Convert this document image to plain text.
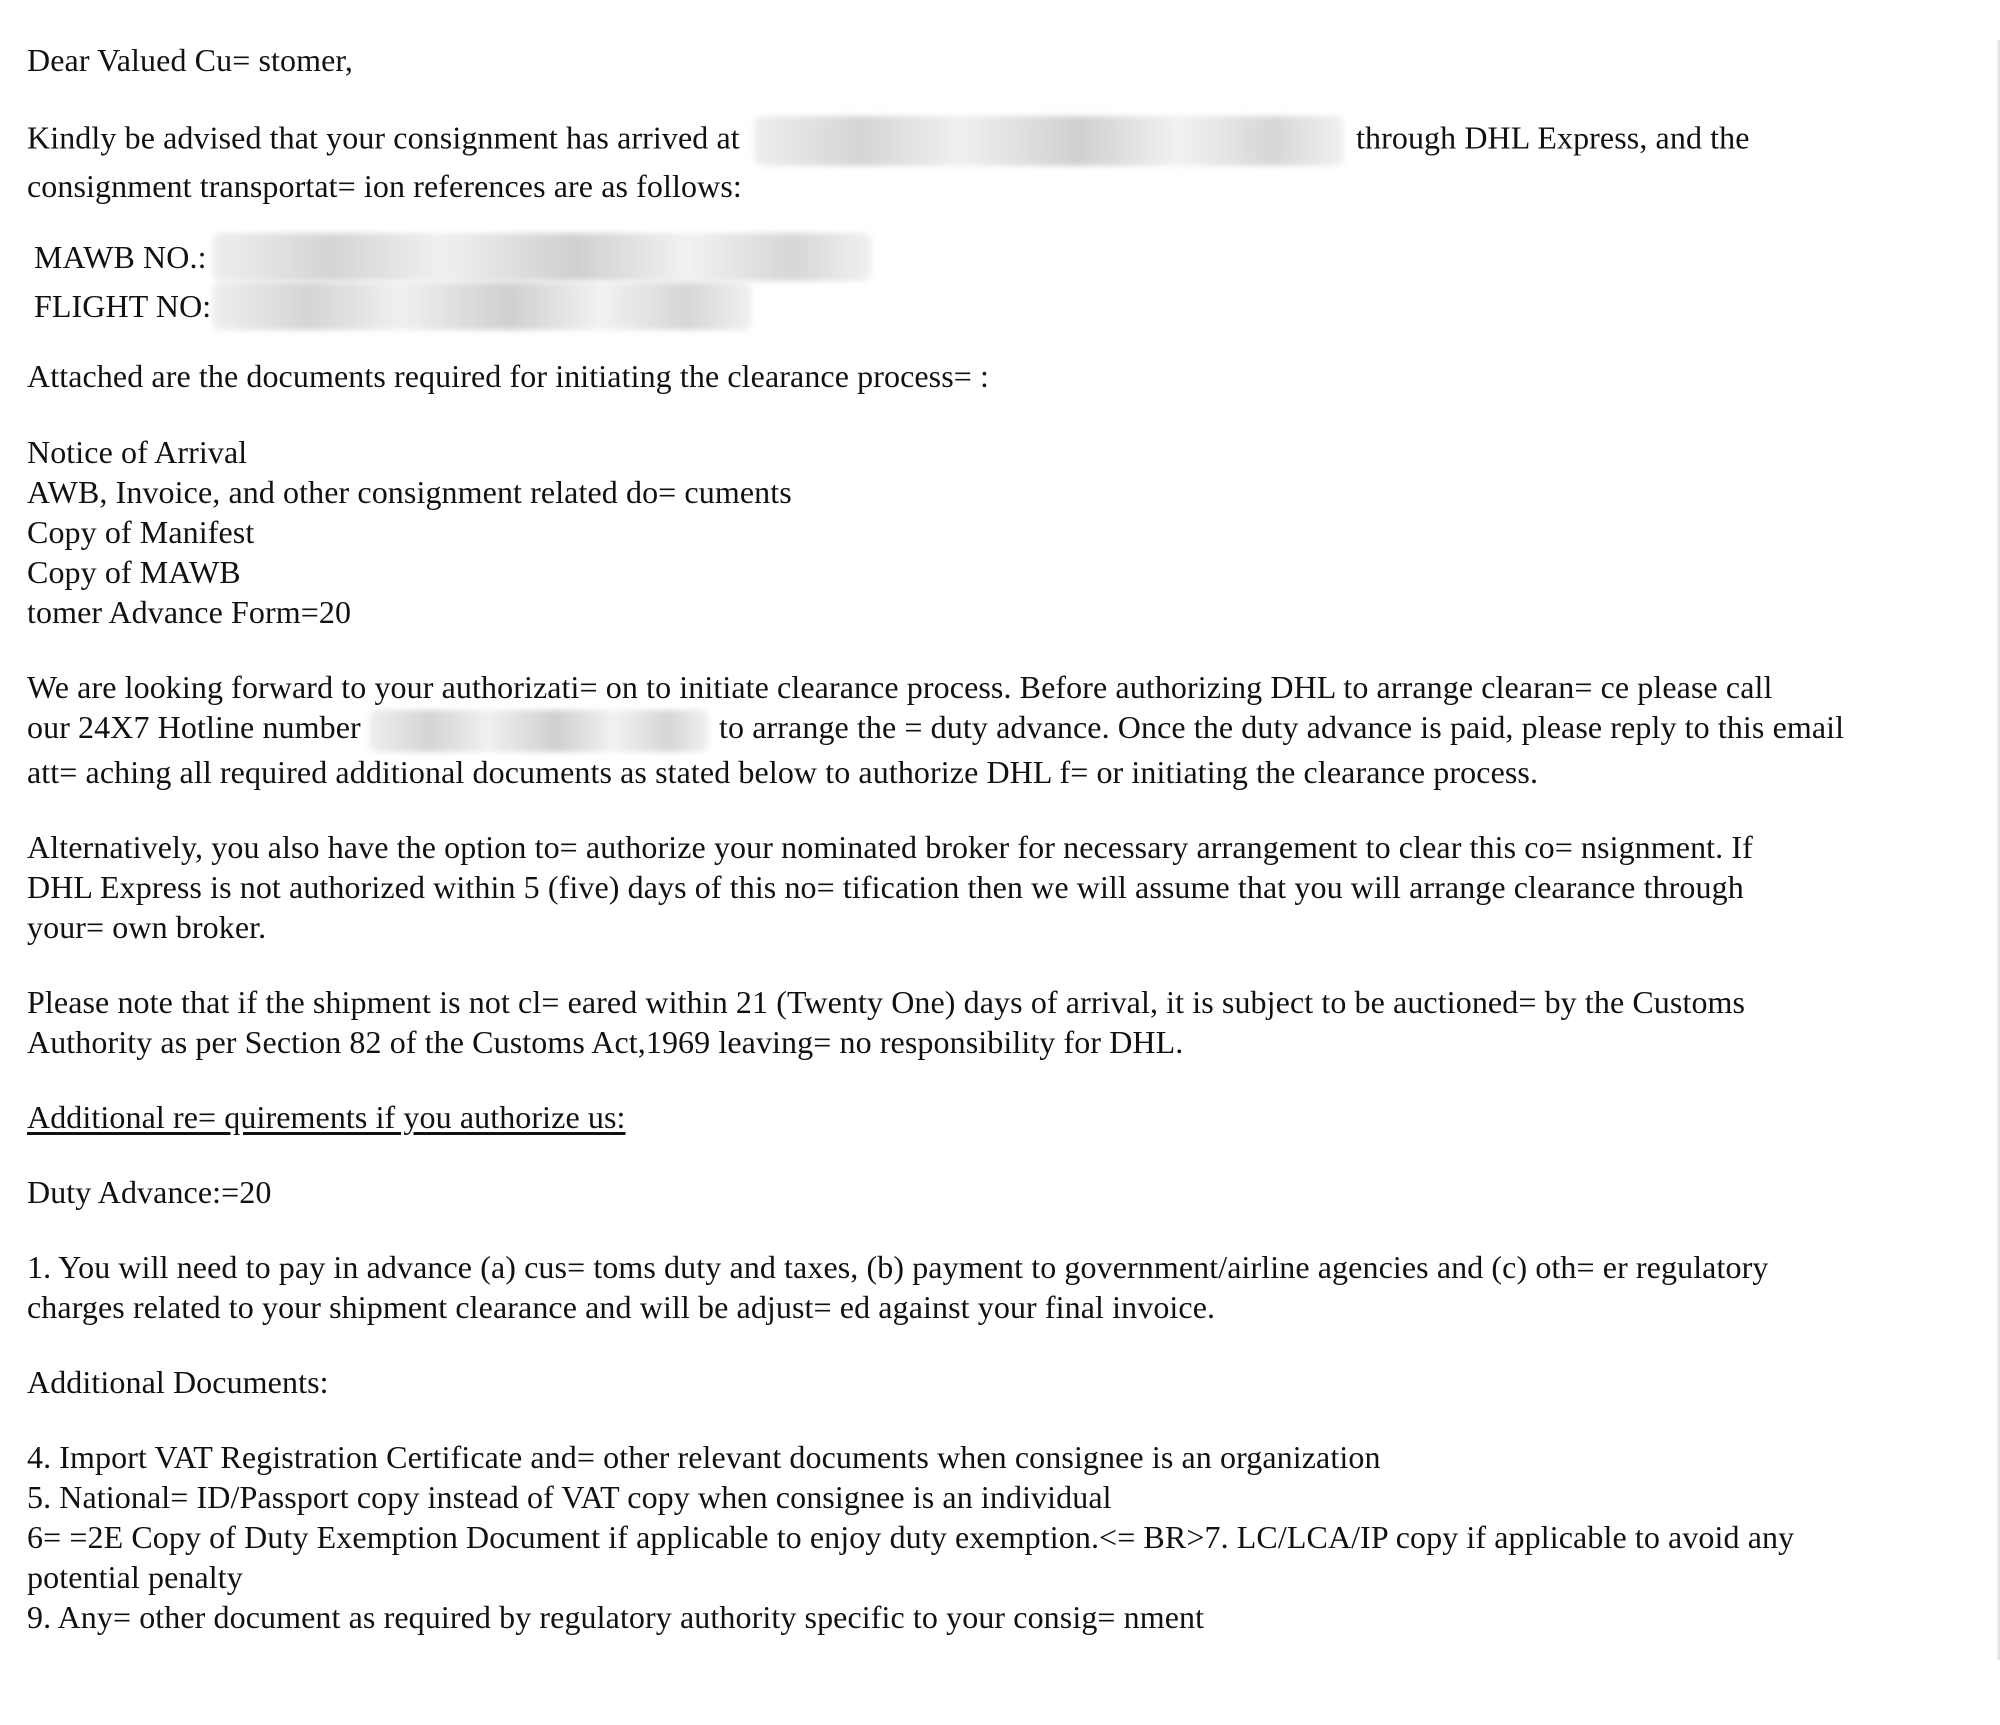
Dear Valued Cu= stomer,

Kindly be advised that your consignment has arrived at	through DHL Express, and the
consignment transportat= ion references are as follows:

MAWB NO.:	
FLIGHT NO:	

Attached are the documents required for initiating the clearance process= :

Notice of Arrival
AWB, Invoice, and other consignment related do= cuments
Copy of Manifest
Copy of MAWB
tomer Advance Form=20

We are looking forward to your authorizati= on to initiate clearance process. Before authorizing DHL to arrange clearan= ce please call
our 24X7 Hotline number	to arrange the = duty advance. Once the duty advance is paid, please reply to this email
att= aching all required additional documents as stated below to authorize DHL f= or initiating the clearance process.

Alternatively, you also have the option to= authorize your nominated broker for necessary arrangement to clear this co= nsignment. If
DHL Express is not authorized within 5 (five) days of this no= tification then we will assume that you will arrange clearance through
your= own broker.

Please note that if the shipment is not cl= eared within 21 (Twenty One) days of arrival, it is subject to be auctioned= by the Customs
Authority as per Section 82 of the Customs Act,1969 leaving= no responsibility for DHL.

Additional re= quirements if you authorize us:

Duty Advance:=20

1. You will need to pay in advance (a) cus= toms duty and taxes, (b) payment to government/airline agencies and (c) oth= er regulatory
charges related to your shipment clearance and will be adjust= ed against your final invoice.

Additional Documents:

4. Import VAT Registration Certificate and= other relevant documents when consignee is an organization
5. National= ID/Passport copy instead of VAT copy when consignee is an individual
6= =2E Copy of Duty Exemption Document if applicable to enjoy duty exemption.<= BR>7. LC/LCA/IP copy if applicable to avoid any
potential penalty
9. Any= other document as required by regulatory authority specific to your consig= nment
